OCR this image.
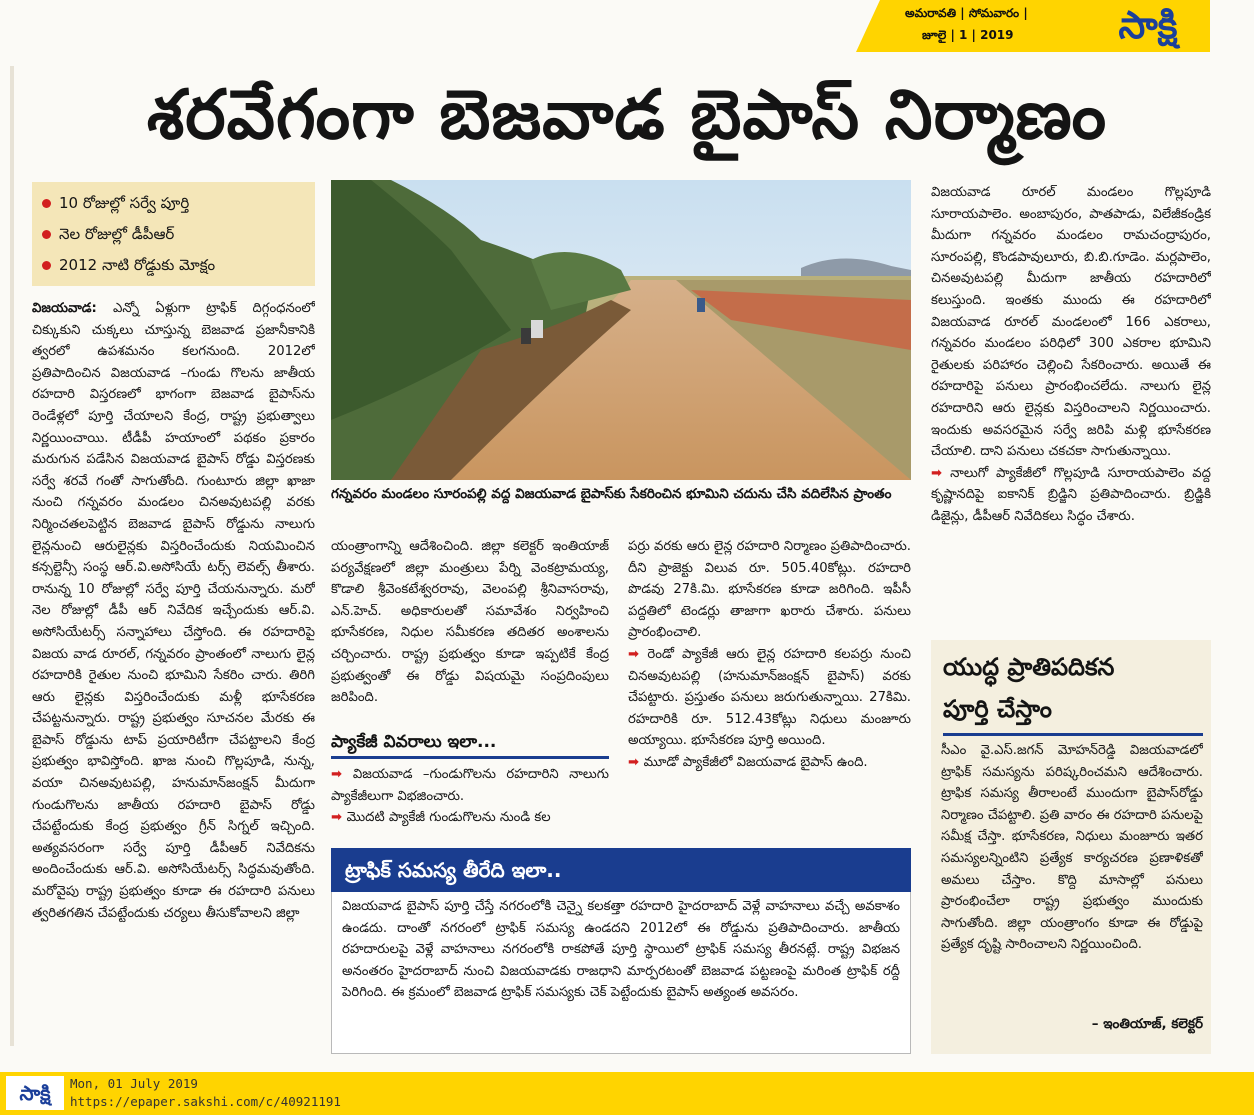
అమరావతి | సోమవారం |
జూలై | 1 | 2019	సాక్షి
శరవేగంగా బెజవాడ బైపాస్ నిర్మాణం
10 రోజుల్లో సర్వే పూర్తి
నెల రోజుల్లో డీపీఆర్
2012 నాటి రోడ్డుకు మోక్షం

విజయవాడ: ఎన్నో ఏళ్లుగా ట్రాఫిక్ దిగ్గంధనంలో చిక్కుకుని చుక్కలు చూస్తున్న బెజవాడ ప్రజానీకానికి త్వరలో ఉపశమనం కలగనుంది. 2012లో ప్రతిపాదించిన విజయవాడ –గుండు గొలను జాతీయ రహదారి విస్తరణలో భాగంగా బెజవాడ బైపాస్‌ను రెండేళ్లలో పూర్తి చేయాలని కేంద్ర, రాష్ట్ర ప్రభుత్వాలు నిర్ణయించాయి. టీడీపీ హయాంలో పథకం ప్రకారం మరుగున పడేసిన విజయవాడ బైపాస్ రోడ్డు విస్తరణకు సర్వే శరవే గంతో సాగుతోంది. గుంటూరు జిల్లా ఖాజా నుంచి గన్నవరం మండలం చినఅవుటపల్లి వరకు నిర్మించతలపెట్టిన బెజవాడ బైపాస్ రోడ్డును నాలుగు లైన్లనుంచి ఆరులైన్లకు విస్తరించేందుకు నియమించిన కన్సల్టెన్సీ సంస్థ ఆర్.వి.అసోసియే టర్స్ లెవల్స్ తీశారు. రానున్న 10 రోజుల్లో సర్వే పూర్తి చేయనున్నారు. మరో నెల రోజుల్లో డీపీ ఆర్ నివేదిక ఇచ్చేందుకు ఆర్.వి. అసోసియేటర్స్ సన్నాహాలు చేస్తోంది. ఈ రహదారిపై విజయ వాడ రూరల్, గన్నవరం ప్రాంతంలో నాలుగు లైన్ల రహదారికి రైతుల నుంచి భూమిని సేకరిం చారు. తిరిగి ఆరు లైన్లకు విస్తరించేందుకు మళ్లీ భూసేకరణ చేపట్టనున్నారు. రాష్ట్ర ప్రభుత్వం సూచనల మేరకు ఈ బైపాస్ రోడ్డును టాప్ ప్రయారిటీగా చేపట్టాలని కేంద్ర ప్రభుత్వం భావిస్తోంది. ఖాజ నుంచి గొల్లపూడి, నున్న, వయా చినఅవుటపల్లి, హనుమాన్‌జంక్షన్ మీదుగా గుండుగొలను జాతీయ రహదారి బైపాస్ రోడ్డు చేపట్టేందుకు కేంద్ర ప్రభుత్వం గ్రీన్ సిగ్నల్ ఇచ్చింది. అత్యవసరంగా సర్వే పూర్తి డీపీఆర్ నివేదికను అందించేందుకు ఆర్.వి. అసోసియేటర్స్ సిద్ధమవుతోంది. మరోవైపు రాష్ట్ర ప్రభుత్వం కూడా ఈ రహదారి పనులు త్వరితగతిన చేపట్టేందుకు చర్యలు తీసుకోవాలని జిల్లా

గన్నవరం మండలం సూరంపల్లి వద్ద విజయవాడ బైపాస్‌కు సేకరించిన భూమిని చదును చేసి వదిలేసిన ప్రాంతం

యంత్రాంగాన్ని ఆదేశించింది. జిల్లా కలెక్టర్ ఇంతియాజ్ పర్యవేక్షణలో జిల్లా మంత్రులు పేర్ని వెంకట్రామయ్య, కొడాలి శ్రీవెంకటేశ్వరరావు, వెలంపల్లి శ్రీనివాసరావు, ఎన్.హెచ్. అధికారులతో సమావేశం నిర్వహించి భూసేకరణ, నిధుల సమీకరణ తదితర అంశాలను చర్చించారు. రాష్ట్ర ప్రభుత్వం కూడా ఇప్పటికే కేంద్ర ప్రభుత్వంతో ఈ రోడ్డు విషయమై సంప్రదింపులు జరిపింది.

ప్యాకేజీ వివరాలు ఇలా...

➡ విజయవాడ –గుండుగొలను రహదారిని నాలుగు ప్యాకేజీలుగా విభజించారు.

➡ మొదటి ప్యాకేజీ గుండుగొలను నుండి కల

పర్రు వరకు ఆరు లైన్ల రహదారి నిర్మాణం ప్రతిపాదించారు. దీని ప్రాజెక్టు విలువ రూ. 505.40కోట్లు. రహదారి పొడవు 27కి.మి. భూసేకరణ కూడా జరిగింది. ఇపీసీ పద్దతిలో టెండర్లు తాజాగా ఖరారు చేశారు. పనులు ప్రారంభించాలి.

➡ రెండో ప్యాకేజీ ఆరు లైన్ల రహదారి కలపర్రు నుంచి చినఅవుటపల్లి (హనుమాన్‌జంక్షన్ బైపాస్) వరకు చేపట్టారు. ప్రస్తుతం పనులు జరుగుతున్నాయి. 27కిమి. రహదారికి రూ. 512.43కోట్లు నిధులు మంజూరు అయ్యాయి. భూసేకరణ పూర్తి అయింది.

➡ మూడో ప్యాకేజీలో విజయవాడ బైపాస్ ఉంది.

విజయవాడ రూరల్ మండలం గొల్లపూడి సూరాయపాలెం. అంబాపురం, పాతపాడు, విలేజీకండ్రిక మీదుగా గన్నవరం మండలం రామచంద్రాపురం, సూరంపల్లి, కొండపావులూరు, బి.బి.గూడెం. మర్లపాలెం, చినఅవుటపల్లి మీదుగా జాతీయ రహదారిలో కలుస్తుంది. ఇంతకు ముందు ఈ రహదారిలో విజయవాడ రూరల్ మండలంలో 166 ఎకరాలు, గన్నవరం మండలం పరిధిలో 300 ఎకరాల భూమిని రైతులకు పరిహారం చెల్లించి సేకరించారు. అయితే ఈ రహదారిపై పనులు ప్రారంభించలేదు. నాలుగు లైన్ల రహదారిని ఆరు లైన్లకు విస్తరించాలని నిర్ణయించారు. ఇందుకు అవసరమైన సర్వే జరిపి మళ్లి భూసేకరణ చేయాలి. దాని పనులు చకచకా సాగుతున్నాయి.

➡ నాలుగో ప్యాకేజీలో గొల్లపూడి సూరాయపాలెం వద్ద కృష్ణానదిపై ఐకానిక్ బ్రిడ్జిని ప్రతిపాదించారు. బ్రిడ్జికి డిజైన్లు, డీపీఆర్ నివేదికలు సిద్ధం చేశారు.

ట్రాఫిక్ సమస్య తీరేది ఇలా..

విజయవాడ బైపాస్ పూర్తి చేస్తే నగరంలోకి చెన్నై కలకత్తా రహదారి హైదరాబాద్ వెళ్లే వాహనాలు వచ్చే అవకాశం ఉండదు. దాంతో నగరంలో ట్రాఫిక్ సమస్య ఉండదని 2012లో ఈ రోడ్డును ప్రతిపాదించారు. జాతీయ రహదారులపై వెళ్లే వాహనాలు నగరంలోకి రాకపోతే పూర్తి స్థాయిలో ట్రాఫిక్ సమస్య తీరనట్లే. రాష్ట్ర విభజన అనంతరం హైదరాబాద్ నుంచి విజయవాడకు రాజధాని మార్పరటంతో బెజవాడ పట్టణంపై మరింత ట్రాఫిక్ రద్దీ పెరిగింది. ఈ క్రమంలో బెజవాడ ట్రాఫిక్ సమస్యకు చెక్ పెట్టేందుకు బైపాస్ అత్యంత అవసరం.

యుద్ధ ప్రాతిపదికన
పూర్తి చేస్తాం

సీఎం వై.ఎస్.జగన్ మోహన్‌రెడ్డి విజయవాడలో ట్రాఫిక్ సమస్యను పరిష్కరించమని ఆదేశించారు. ట్రాఫిక సమస్య తీరాలంటే ముందుగా బైపాస్‌రోడ్డు నిర్మాణం చేపట్టాలి. ప్రతి వారం ఈ రహదారి పనులపై సమీక్ష చేస్తా. భూసేకరణ, నిధులు మంజూరు ఇతర సమస్యలన్నింటిని ప్రత్యేక కార్యచరణ ప్రణాళికతో అమలు చేస్తాం. కొద్ది మాసాల్లో పనులు ప్రారంభించేలా రాష్ట్ర ప్రభుత్వం ముందుకు సాగుతోంది. జిల్లా యంత్రాంగం కూడా ఈ రోడ్డుపై ప్రత్యేక దృష్టి సారించాలని నిర్ణయించింది.

– ఇంతియాజ్, కలెక్టర్
సాక్షి	Mon, 01 July 2019
https://epaper.sakshi.com/c/40921191
